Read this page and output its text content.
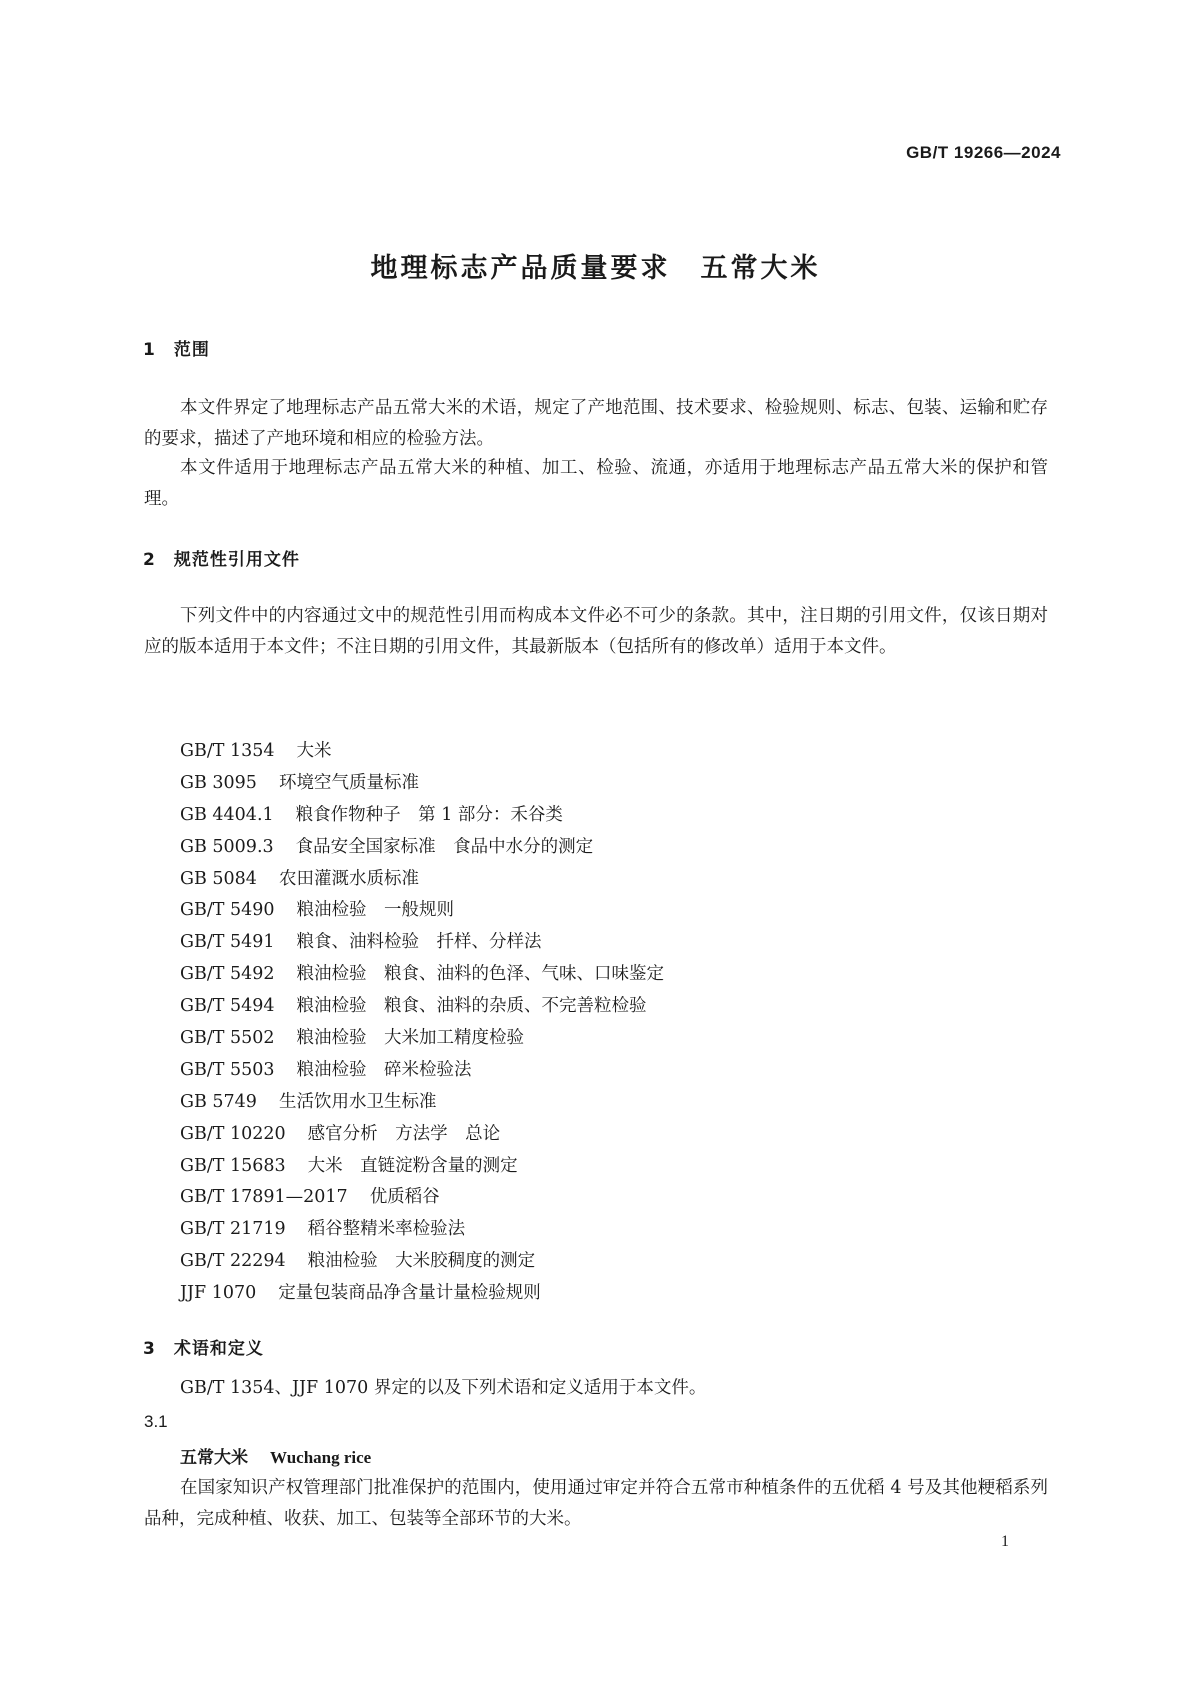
GB/T 19266—2024
地理标志产品质量要求　五常大米
1　范围

本文件界定了地理标志产品五常大米的术语，规定了产地范围、技术要求、检验规则、标志、包装、运输和贮存的要求，描述了产地环境和相应的检验方法。

本文件适用于地理标志产品五常大米的种植、加工、检验、流通，亦适用于地理标志产品五常大米的保护和管理。

2　规范性引用文件

下列文件中的内容通过文中的规范性引用而构成本文件必不可少的条款。其中，注日期的引用文件，仅该日期对应的版本适用于本文件；不注日期的引用文件，其最新版本（包括所有的修改单）适用于本文件。

GB/T 1354 大米
GB 3095 环境空气质量标准
GB 4404.1 粮食作物种子　第 1 部分：禾谷类
GB 5009.3 食品安全国家标准　食品中水分的测定
GB 5084 农田灌溉水质标准
GB/T 5490 粮油检验　一般规则
GB/T 5491 粮食、油料检验　扦样、分样法
GB/T 5492 粮油检验　粮食、油料的色泽、气味、口味鉴定
GB/T 5494 粮油检验　粮食、油料的杂质、不完善粒检验
GB/T 5502 粮油检验　大米加工精度检验
GB/T 5503 粮油检验　碎米检验法
GB 5749 生活饮用水卫生标准
GB/T 10220 感官分析　方法学　总论
GB/T 15683 大米　直链淀粉含量的测定
GB/T 17891—2017 优质稻谷
GB/T 21719 稻谷整精米率检验法
GB/T 22294 粮油检验　大米胶稠度的测定
JJF 1070 定量包装商品净含量计量检验规则
3　术语和定义

GB/T 1354、JJF 1070 界定的以及下列术语和定义适用于本文件。

3.1
五常大米 Wuchang rice

在国家知识产权管理部门批准保护的范围内，使用通过审定并符合五常市种植条件的五优稻 4 号及其他粳稻系列品种，完成种植、收获、加工、包装等全部环节的大米。

1
